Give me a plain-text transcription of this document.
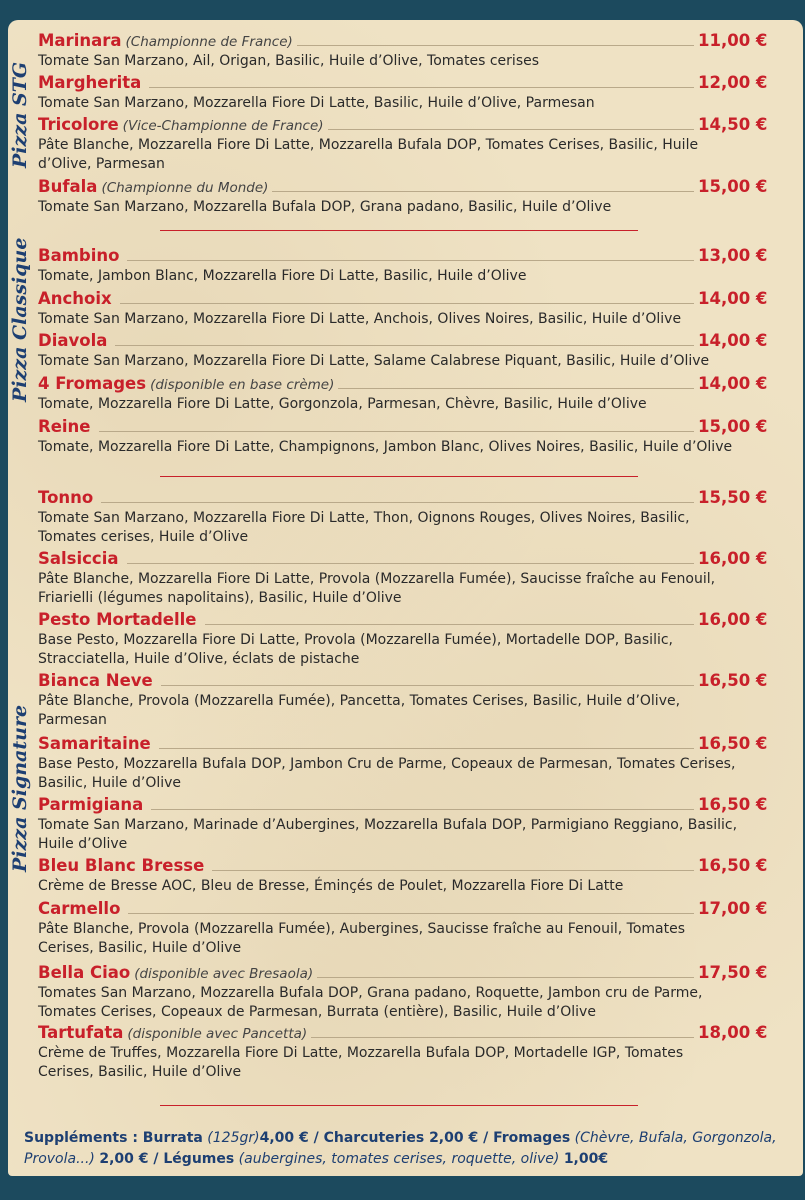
Pizza STG
Pizza Classique
Pizza Signature
Marinara (Championne de France)	11,00 €
Tomate San Marzano, Ail, Origan, Basilic, Huile d’Olive, Tomates cerises
Margherita	12,00 €
Tomate San Marzano, Mozzarella Fiore Di Latte, Basilic, Huile d’Olive, Parmesan
Tricolore (Vice-Championne de France)	14,50 €
Pâte Blanche, Mozzarella Fiore Di Latte, Mozzarella Bufala DOP, Tomates Cerises, Basilic, Huile d’Olive, Parmesan
Bufala (Championne du Monde)	15,00 €
Tomate San Marzano, Mozzarella Bufala DOP, Grana padano, Basilic, Huile d’Olive
Bambino	13,00 €
Tomate, Jambon Blanc, Mozzarella Fiore Di Latte, Basilic, Huile d’Olive
Anchoix	14,00 €
Tomate San Marzano, Mozzarella Fiore Di Latte, Anchois, Olives Noires, Basilic, Huile d’Olive
Diavola	14,00 €
Tomate San Marzano, Mozzarella Fiore Di Latte, Salame Calabrese Piquant, Basilic, Huile d’Olive
4 Fromages (disponible en base crème)	14,00 €
Tomate, Mozzarella Fiore Di Latte, Gorgonzola, Parmesan, Chèvre, Basilic, Huile d’Olive
Reine	15,00 €
Tomate, Mozzarella Fiore Di Latte, Champignons, Jambon Blanc, Olives Noires, Basilic, Huile d’Olive
Tonno	15,50 €
Tomate San Marzano, Mozzarella Fiore Di Latte, Thon, Oignons Rouges, Olives Noires, Basilic, Tomates cerises, Huile d’Olive
Salsiccia	16,00 €
Pâte Blanche, Mozzarella Fiore Di Latte, Provola (Mozzarella Fumée), Saucisse fraîche au Fenouil, Friarielli (légumes napolitains), Basilic, Huile d’Olive
Pesto Mortadelle	16,00 €
Base Pesto, Mozzarella Fiore Di Latte, Provola (Mozzarella Fumée), Mortadelle DOP, Basilic, Stracciatella, Huile d’Olive, éclats de pistache
Bianca Neve	16,50 €
Pâte Blanche, Provola (Mozzarella Fumée), Pancetta, Tomates Cerises, Basilic, Huile d’Olive, Parmesan
Samaritaine	16,50 €
Base Pesto, Mozzarella Bufala DOP, Jambon Cru de Parme, Copeaux de Parmesan, Tomates Cerises, Basilic, Huile d’Olive
Parmigiana	16,50 €
Tomate San Marzano, Marinade d’Aubergines, Mozzarella Bufala DOP, Parmigiano Reggiano, Basilic, Huile d’Olive
Bleu Blanc Bresse	16,50 €
Crème de Bresse AOC, Bleu de Bresse, Éminçés de Poulet, Mozzarella Fiore Di Latte
Carmello	17,00 €
Pâte Blanche, Provola (Mozzarella Fumée), Aubergines, Saucisse fraîche au Fenouil, Tomates Cerises, Basilic, Huile d’Olive
Bella Ciao (disponible avec Bresaola)	17,50 €
Tomates San Marzano, Mozzarella Bufala DOP, Grana padano, Roquette, Jambon cru de Parme, Tomates Cerises, Copeaux de Parmesan, Burrata (entière), Basilic, Huile d’Olive
Tartufata (disponible avec Pancetta)	18,00 €
Crème de Truffes, Mozzarella Fiore Di Latte, Mozzarella Bufala DOP, Mortadelle IGP, Tomates Cerises, Basilic, Huile d’Olive
Suppléments : Burrata (125gr)4,00 € / Charcuteries 2,00 € / Fromages (Chèvre, Bufala, Gorgonzola, Provola...) 2,00 € / Légumes (aubergines, tomates cerises, roquette, olive) 1,00€
